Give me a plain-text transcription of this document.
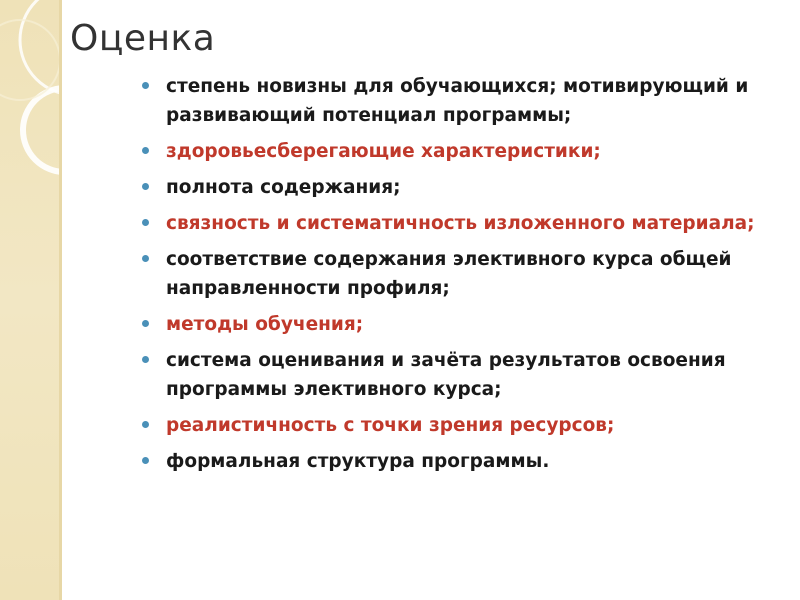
Оценка
степень новизны для обучающихся; мотивирующий и развивающий потенциал программы;
здоровьесберегающие характеристики;
полнота содержания;
связность и систематичность изложенного материала;
соответствие содержания элективного курса общей направленности профиля;
методы обучения;
система оценивания и зачёта результатов освоения программы элективного курса;
реалистичность с точки зрения ресурсов;
формальная структура программы.
